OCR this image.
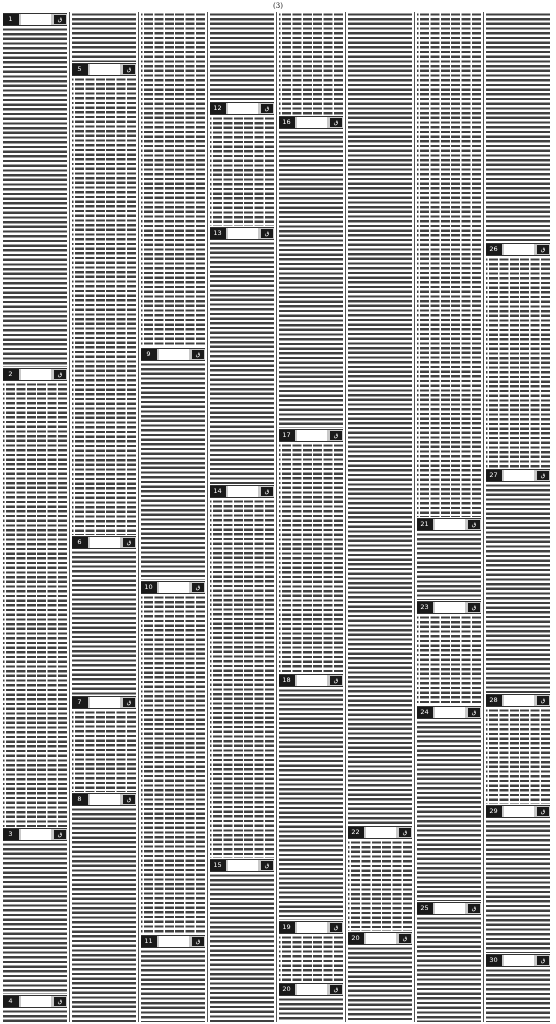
(3)
26	ق
27	ق
28	ق
29	ق
30	ق
21	ق
23	ق
24	ق
25	ق
22	ق
20	ق
16	ق
17	ق
18	ق
19	ق
20	ق
12	ق
13	ق
14	ق
15	ق
9	ق
10	ق
11	ق
5	ق
6	ق
7	ق
8	ق
1	ق
2	ق
3	ق
4	ق
